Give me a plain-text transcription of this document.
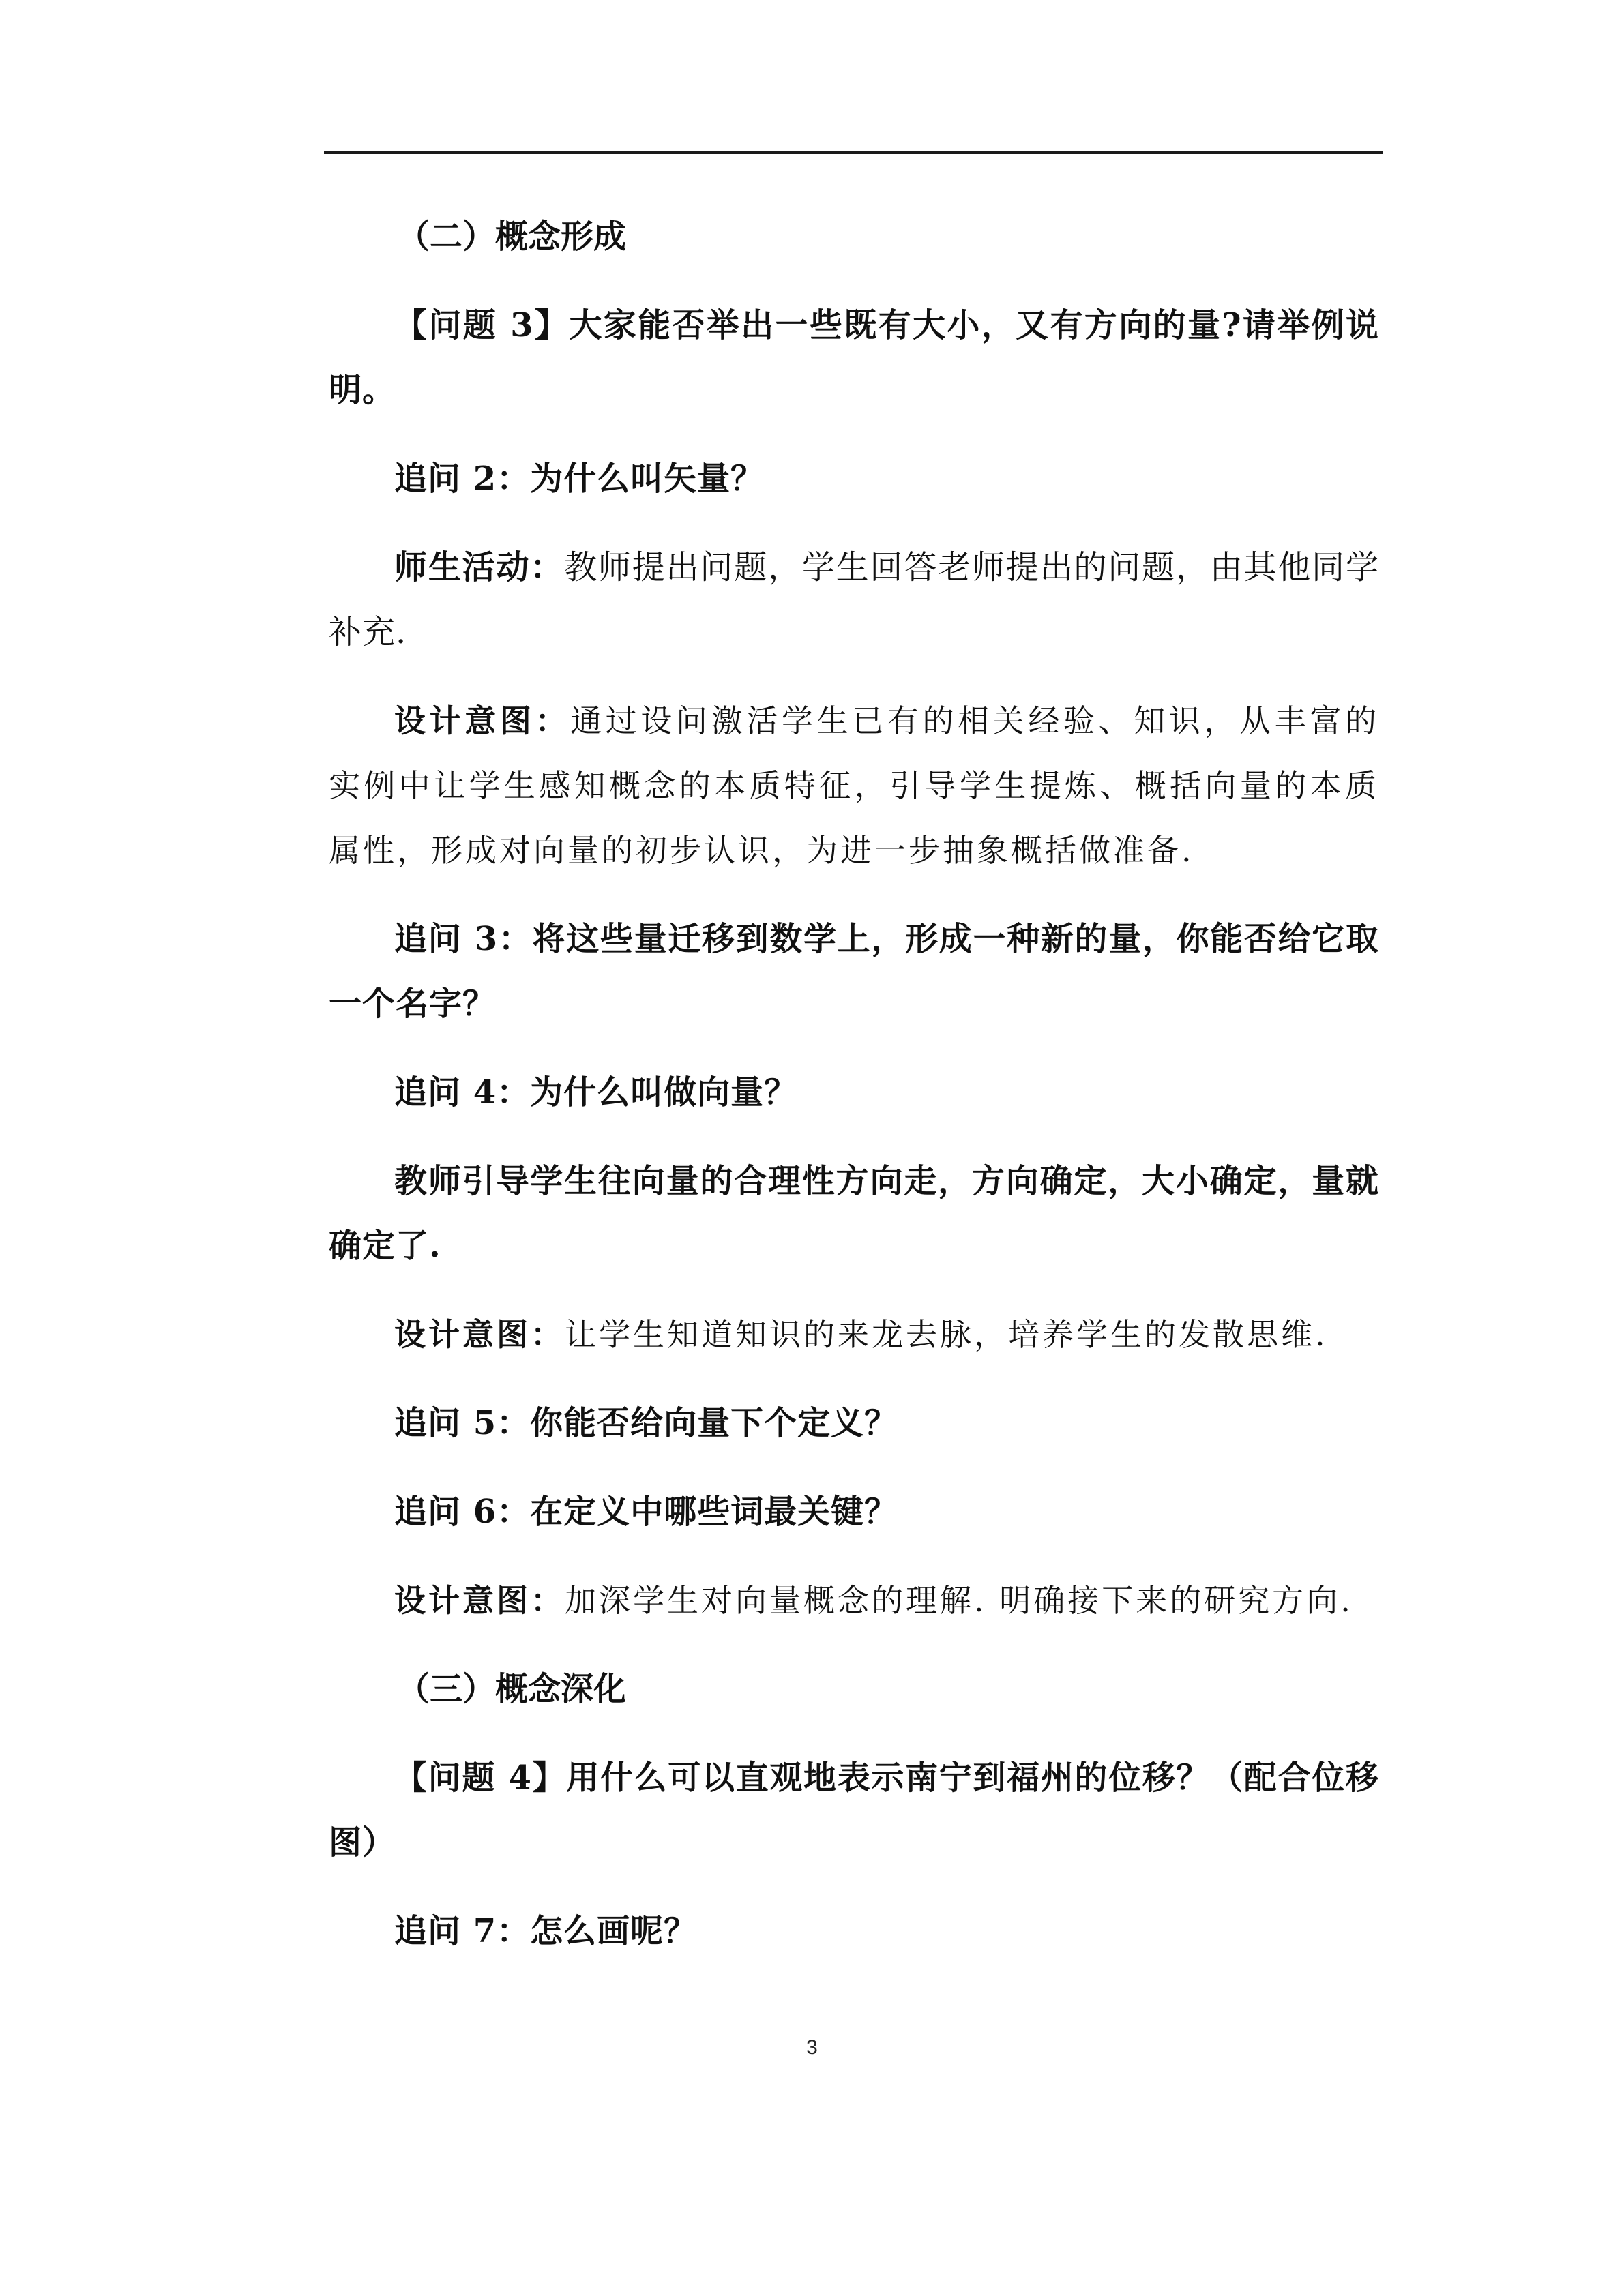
（二）概念形成

【问题 3】大家能否举出一些既有大小，又有方向的量?请举例说明。

追问 2：为什么叫矢量？

师生活动：教师提出问题，学生回答老师提出的问题，由其他同学补充.

设计意图：通过设问激活学生已有的相关经验、知识，从丰富的实例中让学生感知概念的本质特征，引导学生提炼、概括向量的本质属性，形成对向量的初步认识，为进一步抽象概括做准备.

追问 3：将这些量迁移到数学上，形成一种新的量，你能否给它取一个名字？

追问 4：为什么叫做向量？

教师引导学生往向量的合理性方向走，方向确定，大小确定，量就确定了.

设计意图：让学生知道知识的来龙去脉，培养学生的发散思维.

追问 5：你能否给向量下个定义？

追问 6：在定义中哪些词最关键？

设计意图：加深学生对向量概念的理解. 明确接下来的研究方向.

（三）概念深化

【问题 4】用什么可以直观地表示南宁到福州的位移？（配合位移图）

追问 7：怎么画呢？

3
